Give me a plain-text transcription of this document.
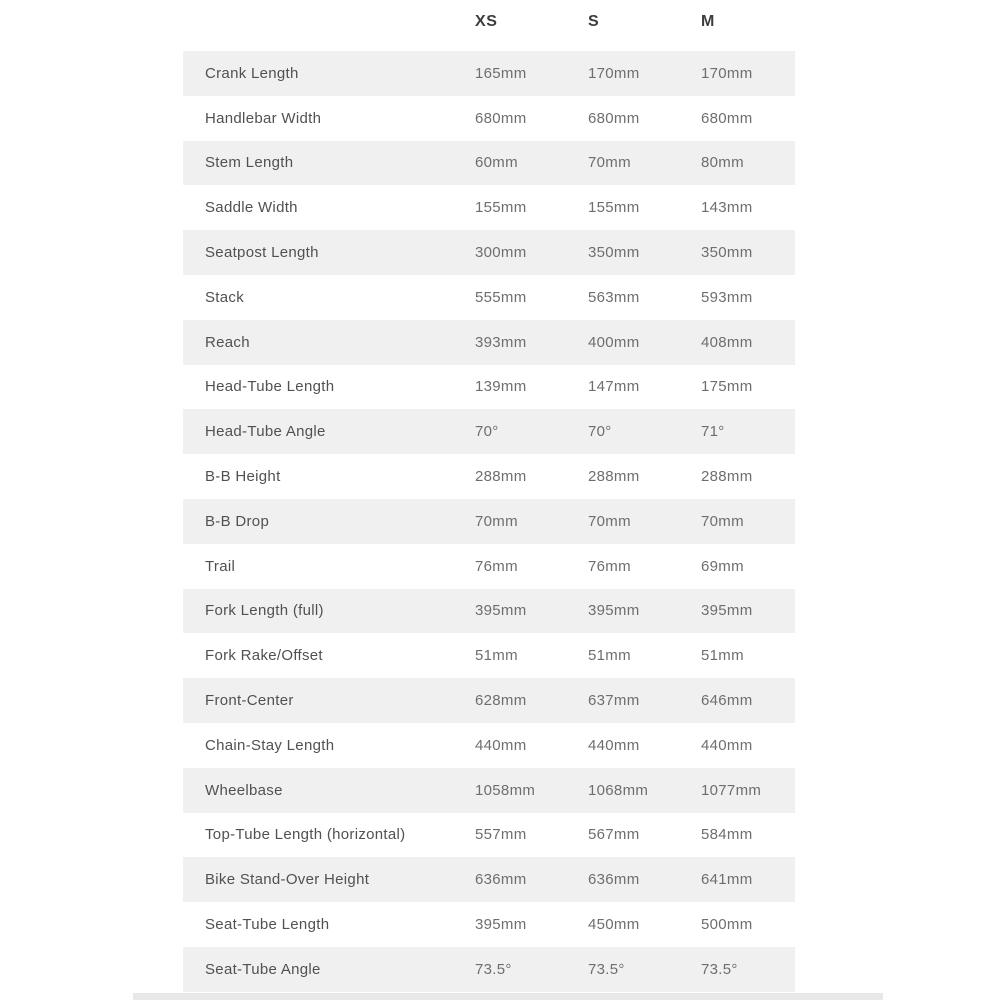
XS	S	M
Crank Length	165mm	170mm	170mm
Handlebar Width	680mm	680mm	680mm
Stem Length	60mm	70mm	80mm
Saddle Width	155mm	155mm	143mm
Seatpost Length	300mm	350mm	350mm
Stack	555mm	563mm	593mm
Reach	393mm	400mm	408mm
Head-Tube Length	139mm	147mm	175mm
Head-Tube Angle	70°	70°	71°
B-B Height	288mm	288mm	288mm
B-B Drop	70mm	70mm	70mm
Trail	76mm	76mm	69mm
Fork Length (full)	395mm	395mm	395mm
Fork Rake/Offset	51mm	51mm	51mm
Front-Center	628mm	637mm	646mm
Chain-Stay Length	440mm	440mm	440mm
Wheelbase	1058mm	1068mm	1077mm
Top-Tube Length (horizontal)	557mm	567mm	584mm
Bike Stand-Over Height	636mm	636mm	641mm
Seat-Tube Length	395mm	450mm	500mm
Seat-Tube Angle	73.5°	73.5°	73.5°
